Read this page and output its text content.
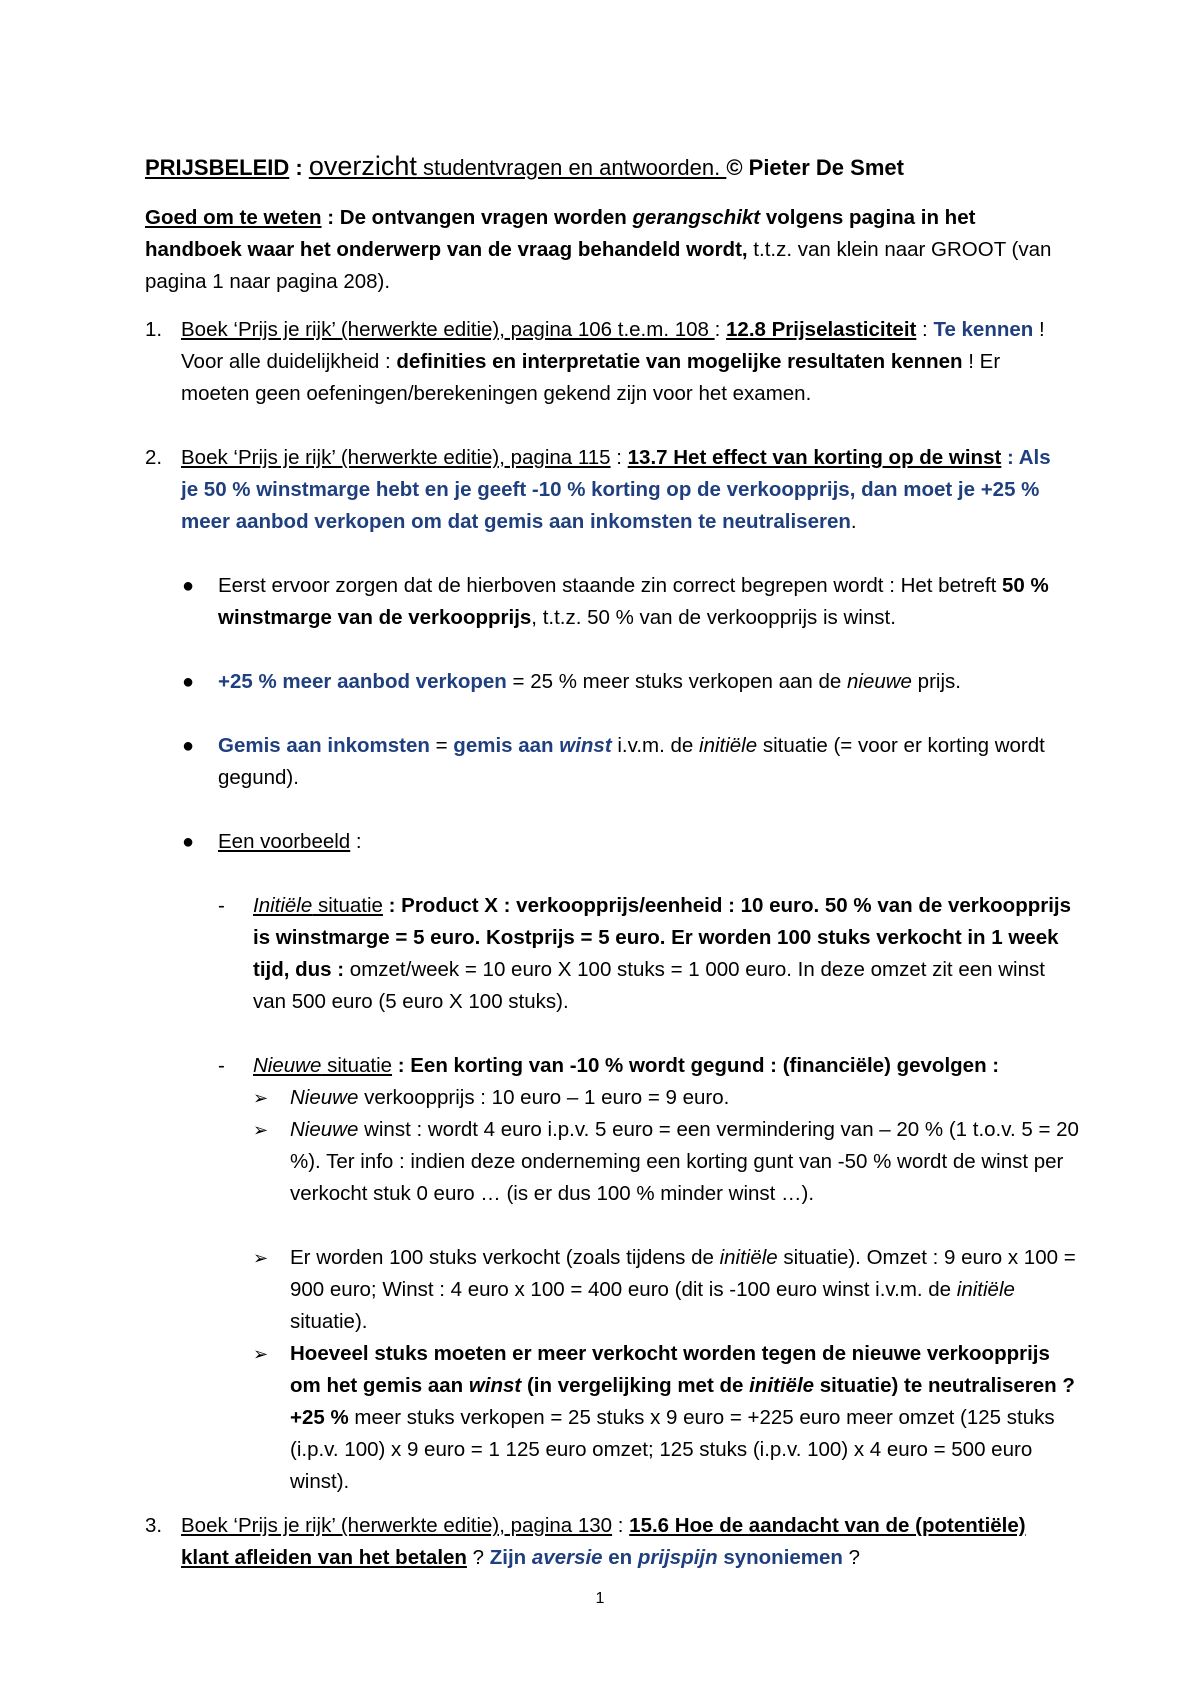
PRIJSBELEID : overzicht studentvragen en antwoorden. © Pieter De Smet

Goed om te weten : De ontvangen vragen worden gerangschikt volgens pagina in het handboek waar het onderwerp van de vraag behandeld wordt, t.t.z. van klein naar GROOT (van pagina 1 naar pagina 208).

1. Boek ‘Prijs je rijk’ (herwerkte editie), pagina 106 t.e.m. 108 : 12.8 Prijselasticiteit : Te kennen ! Voor alle duidelijkheid : definities en interpretatie van mogelijke resultaten kennen ! Er moeten geen oefeningen/berekeningen gekend zijn voor het examen.

2. Boek ‘Prijs je rijk’ (herwerkte editie), pagina 115 : 13.7 Het effect van korting op de winst : Als je 50 % winstmarge hebt en je geeft -10 % korting op de verkoopprijs, dan moet je +25 % meer aanbod verkopen om dat gemis aan inkomsten te neutraliseren.

● Eerst ervoor zorgen dat de hierboven staande zin correct begrepen wordt : Het betreft 50 % winstmarge van de verkoopprijs, t.t.z. 50 % van de verkoopprijs is winst.

● +25 % meer aanbod verkopen = 25 % meer stuks verkopen aan de nieuwe prijs.

● Gemis aan inkomsten = gemis aan winst i.v.m. de initiële situatie (= voor er korting wordt gegund).

● Een voorbeeld :

- Initiële situatie : Product X : verkoopprijs/eenheid : 10 euro. 50 % van de verkoopprijs is winstmarge = 5 euro. Kostprijs = 5 euro. Er worden 100 stuks verkocht in 1 week tijd, dus : omzet/week = 10 euro X 100 stuks = 1 000 euro. In deze omzet zit een winst van 500 euro (5 euro X 100 stuks).

- Nieuwe situatie : Een korting van -10 % wordt gegund : (financiële) gevolgen :

➢ Nieuwe verkoopprijs : 10 euro – 1 euro = 9 euro.

➢ Nieuwe winst : wordt 4 euro i.p.v. 5 euro = een vermindering van – 20 % (1 t.o.v. 5 = 20 %). Ter info : indien deze onderneming een korting gunt van -50 % wordt de winst per verkocht stuk 0 euro … (is er dus 100 % minder winst …).

➢ Er worden 100 stuks verkocht (zoals tijdens de initiële situatie). Omzet : 9 euro x 100 = 900 euro; Winst : 4 euro x 100 = 400 euro (dit is -100 euro winst i.v.m. de initiële situatie).

➢ Hoeveel stuks moeten er meer verkocht worden tegen de nieuwe verkoopprijs om het gemis aan winst (in vergelijking met de initiële situatie) te neutraliseren ? +25 % meer stuks verkopen = 25 stuks x 9 euro = +225 euro meer omzet (125 stuks (i.p.v. 100) x 9 euro = 1 125 euro omzet; 125 stuks (i.p.v. 100) x 4 euro = 500 euro winst).

3. Boek ‘Prijs je rijk’ (herwerkte editie), pagina 130 : 15.6 Hoe de aandacht van de (potentiële) klant afleiden van het betalen ? Zijn aversie en prijspijn synoniemen ?

1
